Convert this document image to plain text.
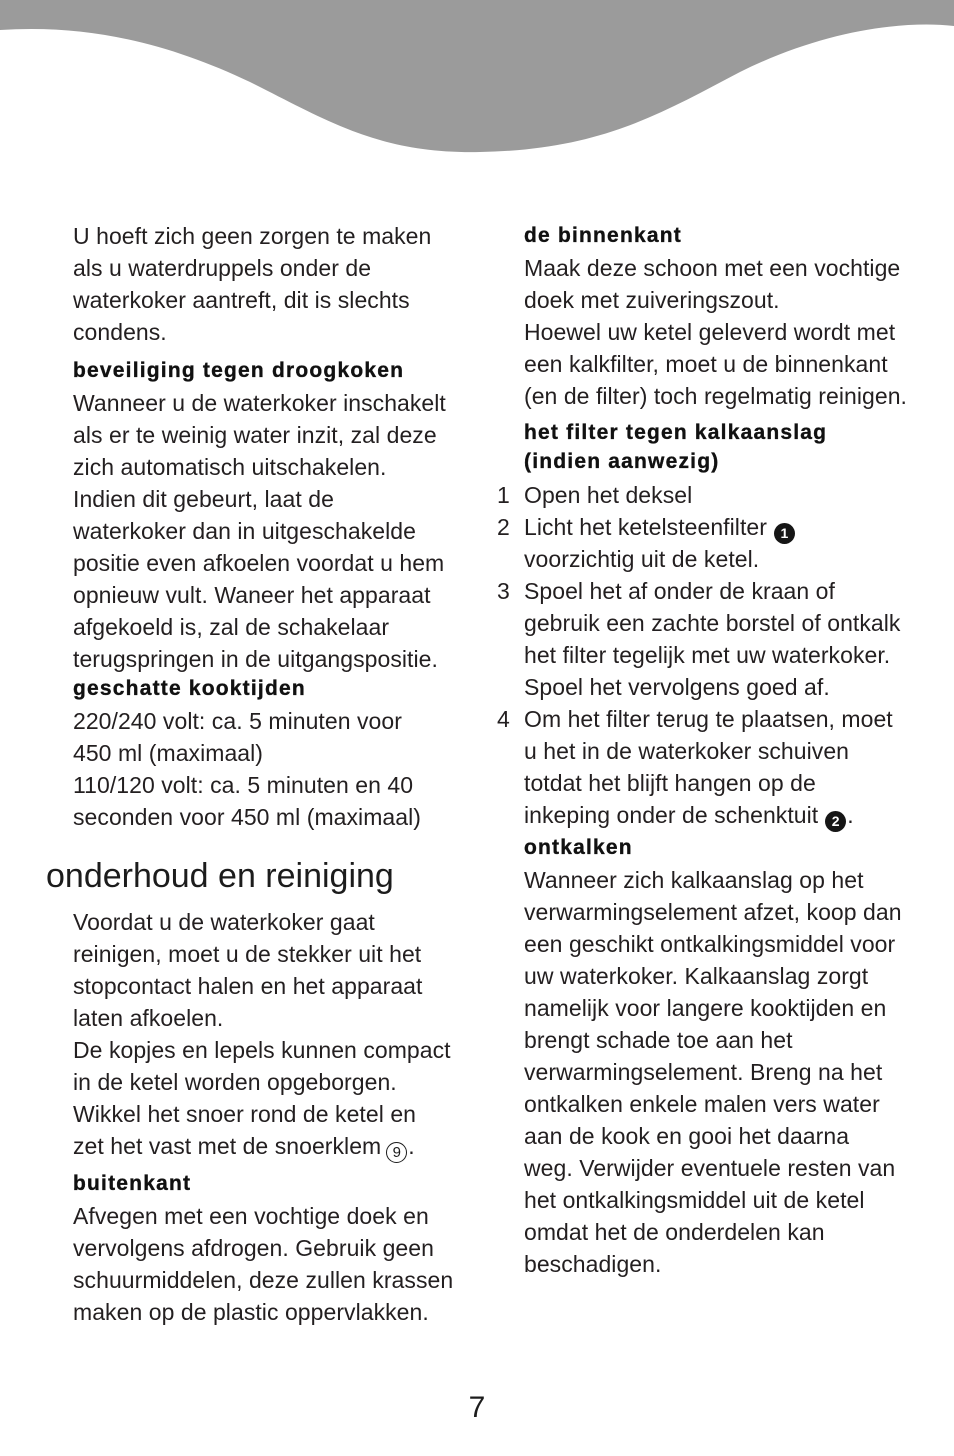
U hoeft zich geen zorgen te maken
als u waterdruppels onder de
waterkoker aantreft, dit is slechts
condens.
beveiliging tegen droogkoken
Wanneer u de waterkoker inschakelt
als er te weinig water inzit, zal deze
zich automatisch uitschakelen.
Indien dit gebeurt, laat de
waterkoker dan in uitgeschakelde
positie even afkoelen voordat u hem
opnieuw vult. Waneer het apparaat
afgekoeld is, zal de schakelaar
terugspringen in de uitgangspositie.
geschatte kooktijden
220/240 volt: ca. 5 minuten voor
450 ml (maximaal)
110/120 volt: ca. 5 minuten en 40
seconden voor 450 ml (maximaal)
onderhoud en reiniging
Voordat u de waterkoker gaat
reinigen, moet u de stekker uit het
stopcontact halen en het apparaat
laten afkoelen.
De kopjes en lepels kunnen compact
in de ketel worden opgeborgen.
Wikkel het snoer rond de ketel en
zet het vast met de snoerklem 9 .
buitenkant
Afvegen met een vochtige doek en
vervolgens afdrogen. Gebruik geen
schuurmiddelen, deze zullen krassen
maken op de plastic oppervlakken.
de binnenkant
Maak deze schoon met een vochtige
doek met zuiveringszout.
Hoewel uw ketel geleverd wordt met
een kalkfilter, moet u de binnenkant
(en de filter) toch regelmatig reinigen.
het filter tegen kalkaanslag
(indien aanwezig)
1 Open het deksel
2 Licht het ketelsteenfilter 1
voorzichtig uit de ketel.
3 Spoel het af onder de kraan of
gebruik een zachte borstel of ontkalk
het filter tegelijk met uw waterkoker.
Spoel het vervolgens goed af.
4 Om het filter terug te plaatsen, moet
u het in de waterkoker schuiven
totdat het blijft hangen op de
inkeping onder de schenktuit 2 .
ontkalken
Wanneer zich kalkaanslag op het
verwarmingselement afzet, koop dan
een geschikt ontkalkingsmiddel voor
uw waterkoker. Kalkaanslag zorgt
namelijk voor langere kooktijden en
brengt schade toe aan het
verwarmingselement. Breng na het
ontkalken enkele malen vers water
aan de kook en gooi het daarna
weg. Verwijder eventuele resten van
het ontkalkingsmiddel uit de ketel
omdat het de onderdelen kan
beschadigen.
7
